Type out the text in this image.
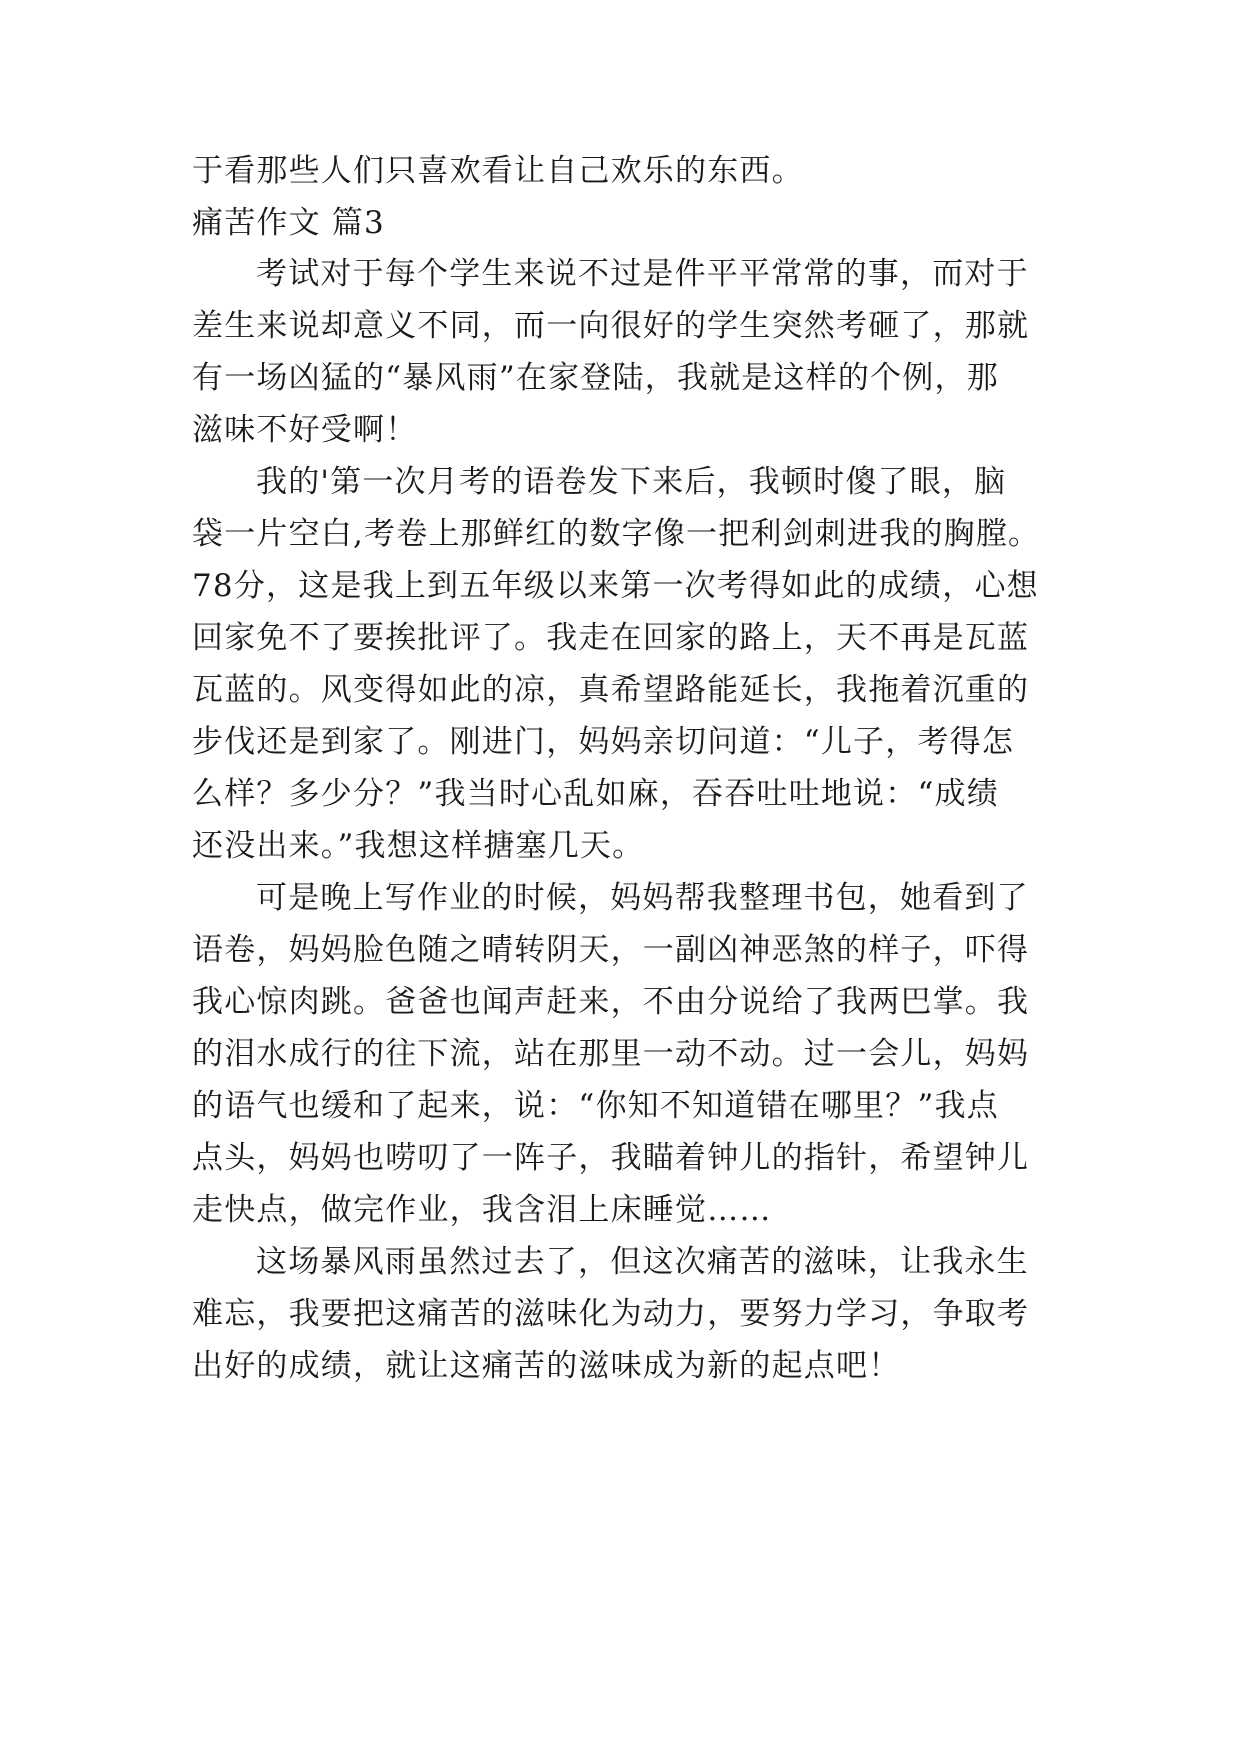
于看那些人们只喜欢看让自己欢乐的东西。

痛苦作文 篇3

考试对于每个学生来说不过是件平平常常的事，而对于

差生来说却意义不同，而一向很好的学生突然考砸了，那就

有一场凶猛的“暴风雨”在家登陆，我就是这样的个例，那

滋味不好受啊！

我的'第一次月考的语卷发下来后，我顿时傻了眼，脑

袋一片空白,考卷上那鲜红的数字像一把利剑刺进我的胸膛。

78分，这是我上到五年级以来第一次考得如此的成绩，心想

回家免不了要挨批评了。我走在回家的路上，天不再是瓦蓝

瓦蓝的。风变得如此的凉，真希望路能延长，我拖着沉重的

步伐还是到家了。刚进门，妈妈亲切问道：“儿子，考得怎

么样？多少分？”我当时心乱如麻，吞吞吐吐地说：“成绩

还没出来。”我想这样搪塞几天。

可是晚上写作业的时候，妈妈帮我整理书包，她看到了

语卷，妈妈脸色随之晴转阴天，一副凶神恶煞的样子，吓得

我心惊肉跳。爸爸也闻声赶来，不由分说给了我两巴掌。我

的泪水成行的往下流，站在那里一动不动。过一会儿，妈妈

的语气也缓和了起来，说：“你知不知道错在哪里？”我点

点头，妈妈也唠叨了一阵子，我瞄着钟儿的指针，希望钟儿

走快点，做完作业，我含泪上床睡觉……

这场暴风雨虽然过去了，但这次痛苦的滋味，让我永生

难忘，我要把这痛苦的滋味化为动力，要努力学习，争取考

出好的成绩，就让这痛苦的滋味成为新的起点吧！
